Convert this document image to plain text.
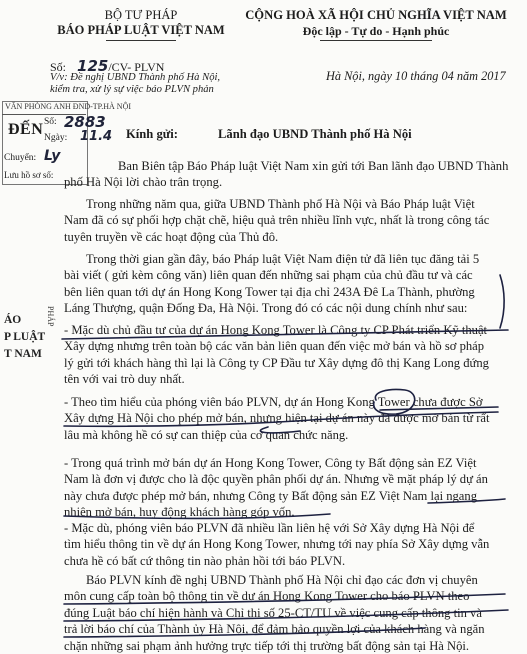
BỘ TƯ PHÁP
BÁO PHÁP LUẬT VIỆT NAM
CỘNG HOÀ XÃ HỘI CHỦ NGHĨA VIỆT NAM
Độc lập - Tự do - Hạnh phúc
Số: 125/CV- PLVN
V/v: Đề nghị UBND Thành phố Hà Nội,
kiểm tra, xử lý sự việc báo PLVN phản
Hà Nội, ngày 10 tháng 04 năm 2017
VĂN PHÒNG ANH ĐND-TP.HÀ NỘI
ĐẾN Số: 2883
Ngày: 11.4
Chuyển: Ly
Lưu hồ sơ số:
Kính gửi:	Lãnh đạo UBND Thành phố Hà Nội
ÁO
P LUẬT
T NAM
PHÁP
Ban Biên tập Báo Pháp luật Việt Nam xin gửi tới Ban lãnh đạo UBND Thành
phố Hà Nội lời chào trân trọng.
Trong những năm qua, giữa UBND Thành phố Hà Nội và Báo Pháp luật Việt
Nam đã có sự phối hợp chặt chẽ, hiệu quả trên nhiều lĩnh vực, nhất là trong công tác
tuyên truyền về các hoạt động của Thủ đô.
Trong thời gian gần đây, báo Pháp luật Việt Nam điện tử đã liên tục đăng tải 5
bài viết ( gửi kèm công văn) liên quan đến những sai phạm của chủ đầu tư và các
bên liên quan tới dự án Hong Kong Tower tại địa chỉ 243A Đê La Thành, phường
Láng Thượng, quận Đống Đa, Hà Nội. Trong đó có các nội dung chính như sau:
- Mặc dù chủ đầu tư của dự án Hong Kong Tower là Công ty CP Phát triển Kỹ thuật
Xây dựng nhưng trên toàn bộ các văn bản liên quan đến việc mở bán và hồ sơ pháp
lý gửi tới khách hàng thì lại là Công ty CP Đầu tư Xây dựng đô thị Kang Long đứng
tên với vai trò duy nhất.
- Theo tìm hiểu của phóng viên báo PLVN, dự án Hong Kong Tower chưa được Sở
Xây dựng Hà Nội cho phép mở bán, nhưng hiện tại dự án này đã được mở bán từ rất
lâu mà không hề có sự can thiệp của cơ quan chức năng.
- Trong quá trình mở bán dự án Hong Kong Tower, Công ty Bất động sản EZ Việt
Nam là đơn vị được cho là độc quyền phân phối dự án. Nhưng về mặt pháp lý dự án
này chưa được phép mở bán, nhưng Công ty Bất động sản EZ Việt Nam lại ngang
nhiên mở bán, huy động khách hàng góp vốn.
- Mặc dù, phóng viên báo PLVN đã nhiều lần liên hệ với Sở Xây dựng Hà Nội để
tìm hiểu thông tin về dự án Hong Kong Tower, nhưng tới nay phía Sở Xây dựng vẫn
chưa hề có bất cứ thông tin nào phản hồi tới báo PLVN.
Báo PLVN kính đề nghị UBND Thành phố Hà Nội chỉ đạo các đơn vị chuyên
môn cung cấp toàn bộ thông tin về dự án Hong Kong Tower cho báo PLVN theo
đúng Luật báo chí hiện hành và Chỉ thị số 25-CT/TU về việc cung cấp thông tin và
trả lời báo chí của Thành ủy Hà Nội, để đảm bảo quyền lợi của khách hàng và ngăn
chặn những sai phạm ảnh hưởng trực tiếp tới thị trường bất động sản tại Hà Nội.
